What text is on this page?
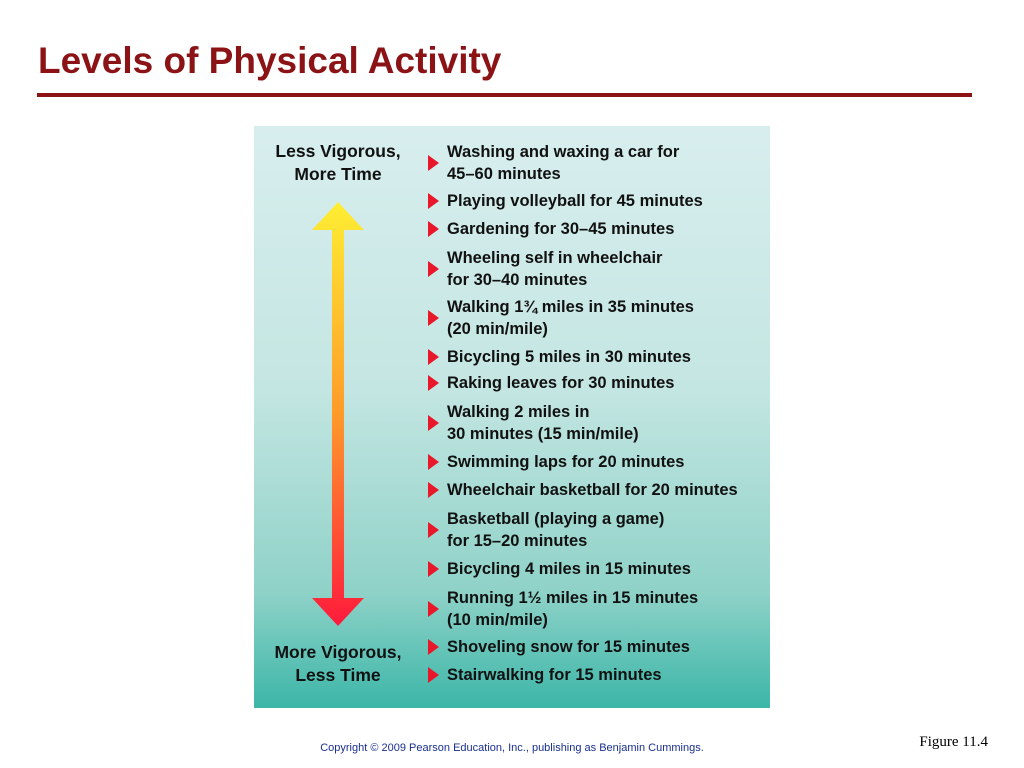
Levels of Physical Activity
Less Vigorous,
More Time
More Vigorous,
Less Time
Washing and waxing a car for
45–60 minutes
Playing volleyball for 45 minutes
Gardening for 30–45 minutes
Wheeling self in wheelchair
for 30–40 minutes
Walking 1¾ miles in 35 minutes
(20 min/mile)
Bicycling 5 miles in 30 minutes
Raking leaves for 30 minutes
Walking 2 miles in
30 minutes (15 min/mile)
Swimming laps for 20 minutes
Wheelchair basketball for 20 minutes
Basketball (playing a game)
for 15–20 minutes
Bicycling 4 miles in 15 minutes
Running 1½ miles in 15 minutes
(10 min/mile)
Shoveling snow for 15 minutes
Stairwalking for 15 minutes
Figure 11.4
Copyright © 2009 Pearson Education, Inc., publishing as Benjamin Cummings.
